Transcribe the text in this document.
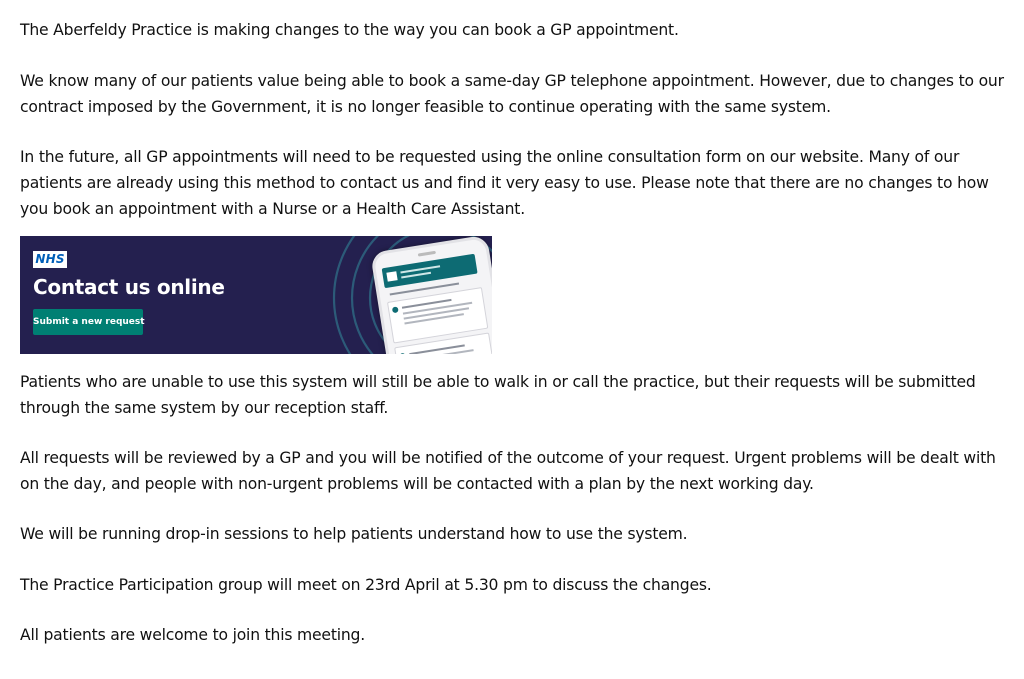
The Aberfeldy Practice is making changes to the way you can book a GP appointment.

We know many of our patients value being able to book a same-day GP telephone appointment. However, due to changes to our contract imposed by the Government, it is no longer feasible to continue operating with the same system.

In the future, all GP appointments will need to be requested using the online consultation form on our website. Many of our patients are already using this method to contact us and find it very easy to use. Please note that there are no changes to how you book an appointment with a Nurse or a Health Care Assistant.

NHS
Contact us online
Submit a new request

Patients who are unable to use this system will still be able to walk in or call the practice, but their requests will be submitted through the same system by our reception staff.

All requests will be reviewed by a GP and you will be notified of the outcome of your request. Urgent problems will be dealt with on the day, and people with non-urgent problems will be contacted with a plan by the next working day.

We will be running drop-in sessions to help patients understand how to use the system.

The Practice Participation group will meet on 23rd April at 5.30 pm to discuss the changes.

All patients are welcome to join this meeting.
